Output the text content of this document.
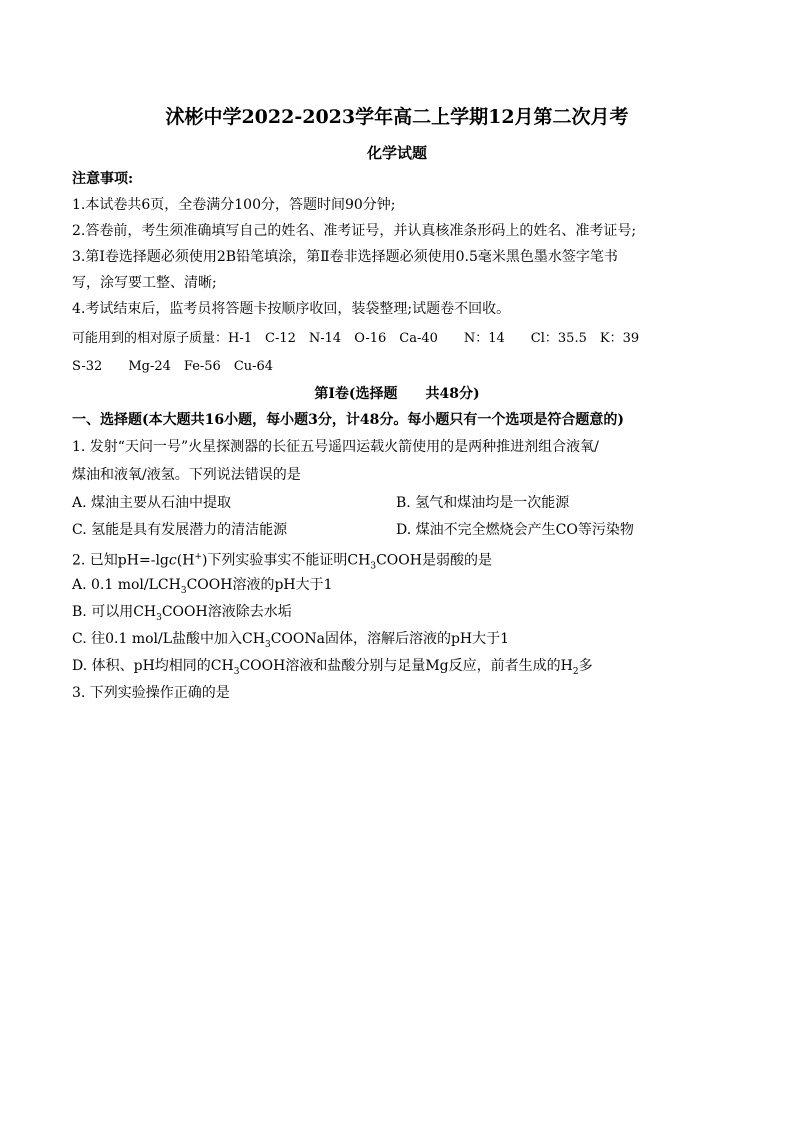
沭彬中学2022-2023学年高二上学期12月第二次月考
化学试题
注意事项:
1.本试卷共6页，全卷满分100分，答题时间90分钟;
2.答卷前，考生须准确填写自己的姓名、准考证号，并认真核准条形码上的姓名、准考证号;
3.第Ⅰ卷选择题必须使用2B铅笔填涂，第Ⅱ卷非选择题必须使用0.5毫米黑色墨水签字笔书
写，涂写要工整、清晰;
4.考试结束后，监考员将答题卡按顺序收回，装袋整理;试题卷不回收。
可能用到的相对原子质量：H-1　C-12　N-14　O-16　Ca-40　　N：14　　Cl：35.5　K：39
S-32　　Mg-24　Fe-56　Cu-64
第Ⅰ卷(选择题　　共48分)
一、选择题(本大题共16小题，每小题3分，计48分。每小题只有一个选项是符合题意的)
1. 发射“天问一号”火星探测器的长征五号遥四运载火箭使用的是两种推进剂组合液氧/
煤油和液氧/液氢。下列说法错误的是
A. 煤油主要从石油中提取	B. 氢气和煤油均是一次能源
C. 氢能是具有发展潜力的清洁能源	D. 煤油不完全燃烧会产生CO等污染物
2. 已知pH=-lgc(H+)下列实验事实不能证明$CH_3COOH$是弱酸的是
A. 0.1 mol/$LCH_3COOH$溶液的pH大于1
B. 可以用$CH_3COOH$溶液除去水垢
C. 往0.1 mol/L盐酸中加入$CH_3COONa$固体，溶解后溶液的pH大于1
D. 体积、pH均相同的$CH_3COOH$溶液和盐酸分别与足量Mg反应，前者生成的$H_2$多
3. 下列实验操作正确的是
